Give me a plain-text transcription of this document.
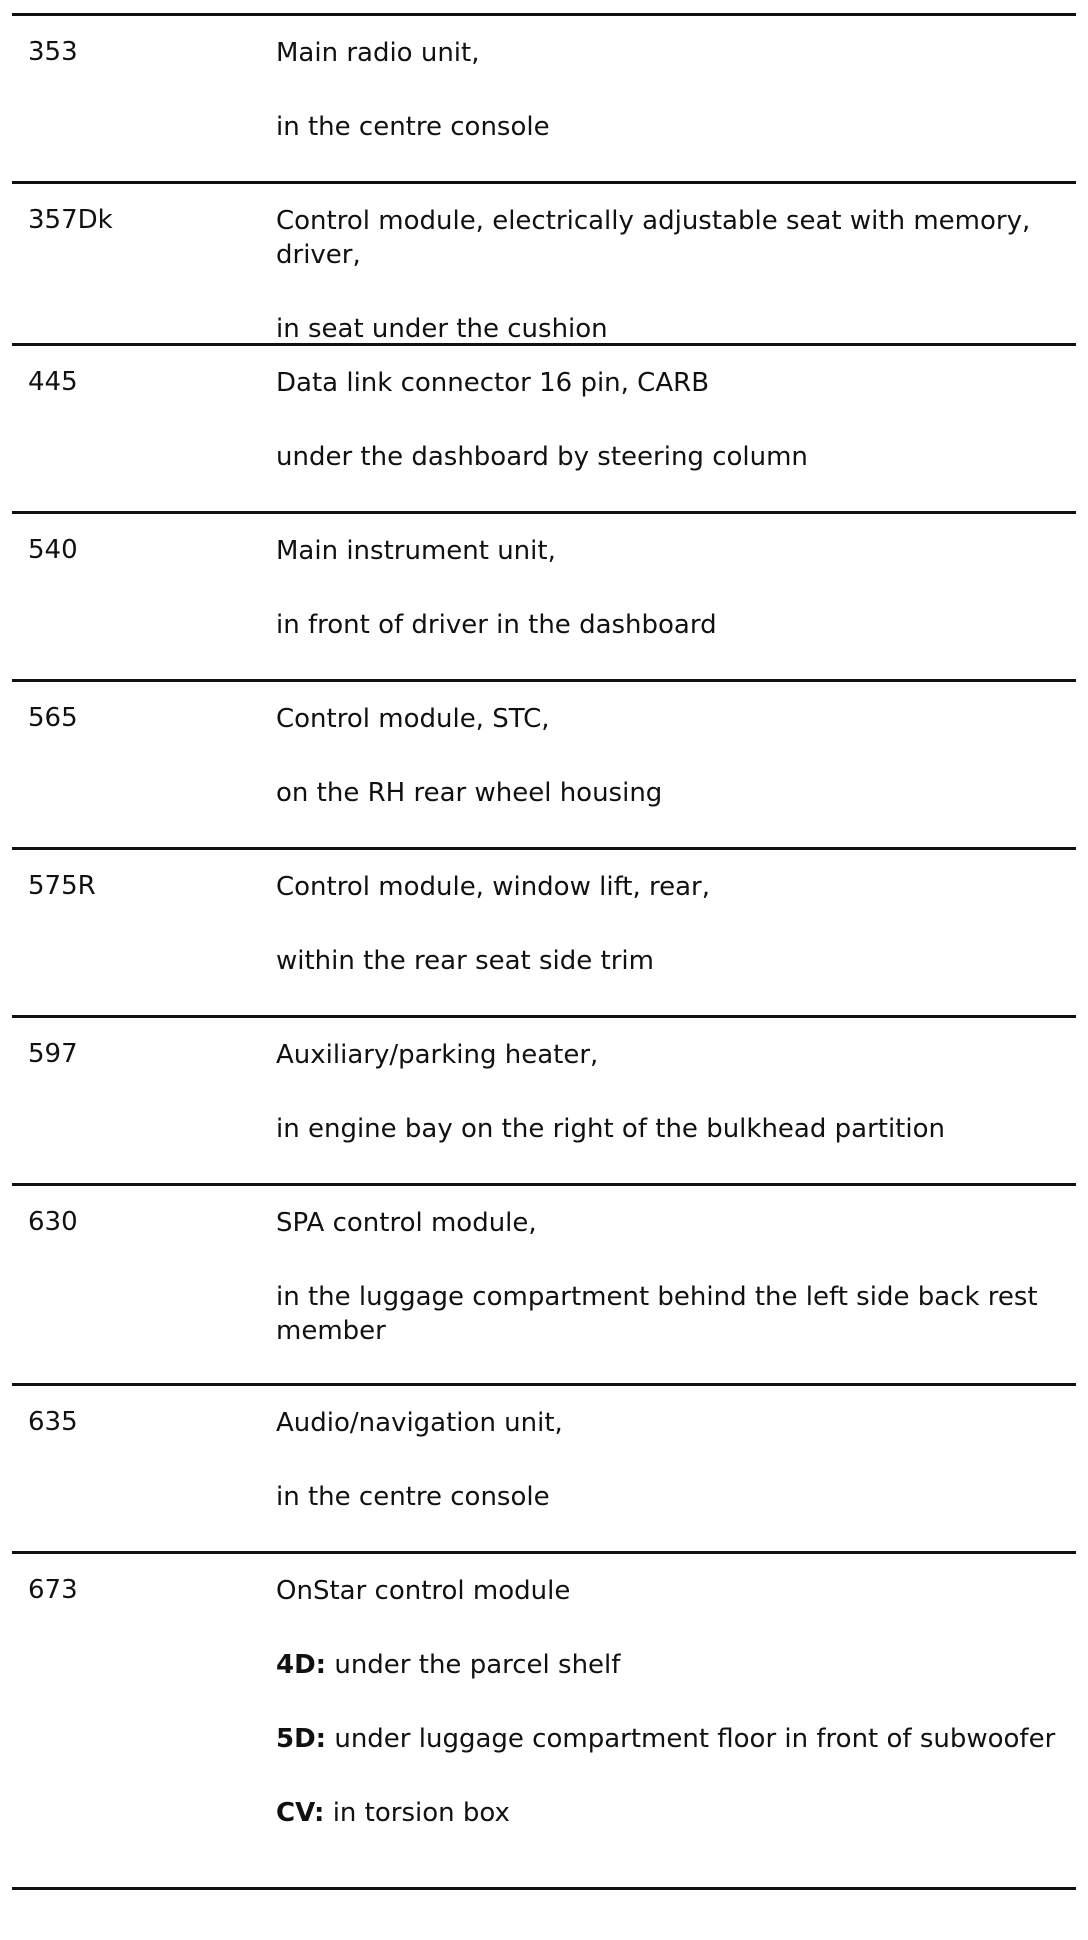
353	Main radio unit,
in the centre console
357Dk	Control module, electrically adjustable seat with memory, driver,
in seat under the cushion
445	Data link connector 16 pin, CARB
under the dashboard by steering column
540	Main instrument unit,
in front of driver in the dashboard
565	Control module, STC,
on the RH rear wheel housing
575R	Control module, window lift, rear,
within the rear seat side trim
597	Auxiliary/parking heater,
in engine bay on the right of the bulkhead partition
630	SPA control module,
in the luggage compartment behind the left side back rest member
635	Audio/navigation unit,
in the centre console
673	OnStar control module
4D: under the parcel shelf
5D: under luggage compartment floor in front of subwoofer
CV: in torsion box
